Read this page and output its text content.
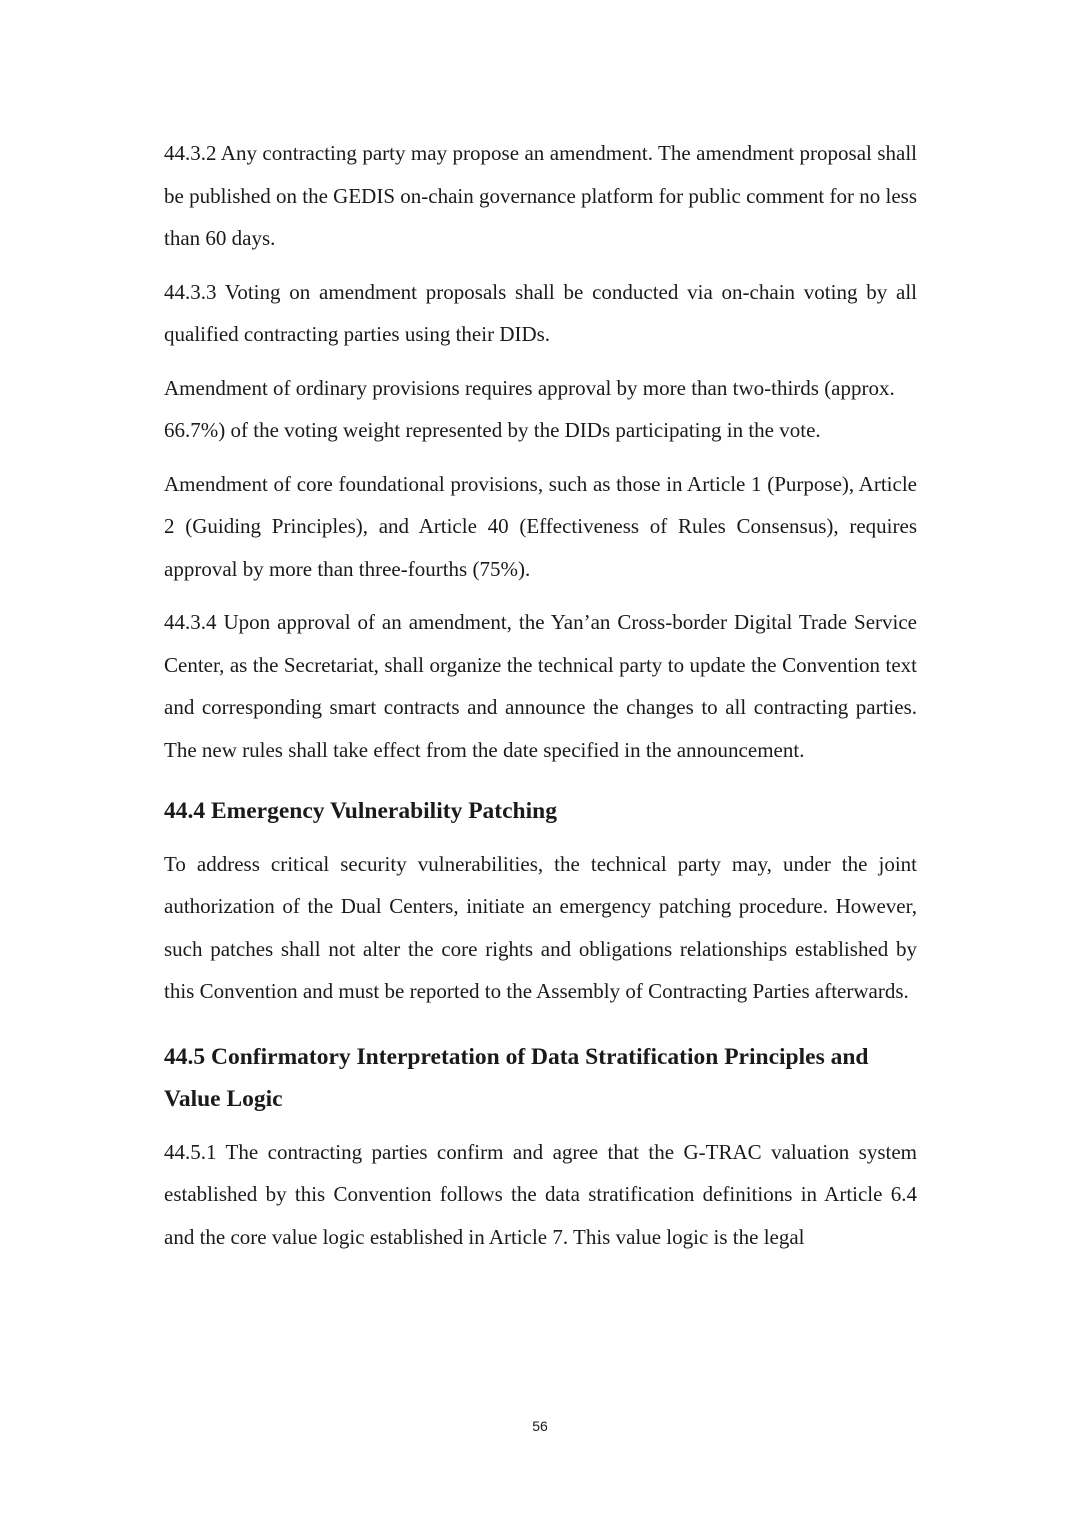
44.3.2 Any contracting party may propose an amendment. The amendment proposal shall be published on the GEDIS on-chain governance platform for public comment for no less than 60 days.

44.3.3 Voting on amendment proposals shall be conducted via on-chain voting by all qualified contracting parties using their DIDs.

Amendment of ordinary provisions requires approval by more than two-thirds (approx. 66.7%) of the voting weight represented by the DIDs participating in the vote.

Amendment of core foundational provisions, such as those in Article 1 (Purpose), Article 2 (Guiding Principles), and Article 40 (Effectiveness of Rules Consensus), requires approval by more than three-fourths (75%).

44.3.4 Upon approval of an amendment, the Yan’an Cross-border Digital Trade Service Center, as the Secretariat, shall organize the technical party to update the Convention text and corresponding smart contracts and announce the changes to all contracting parties. The new rules shall take effect from the date specified in the announcement.

44.4 Emergency Vulnerability Patching

To address critical security vulnerabilities, the technical party may, under the joint authorization of the Dual Centers, initiate an emergency patching procedure. However, such patches shall not alter the core rights and obligations relationships established by this Convention and must be reported to the Assembly of Contracting Parties afterwards.

44.5 Confirmatory Interpretation of Data Stratification Principles and Value Logic

44.5.1 The contracting parties confirm and agree that the G-TRAC valuation system established by this Convention follows the data stratification definitions in Article 6.4 and the core value logic established in Article 7. This value logic is the legal

56
